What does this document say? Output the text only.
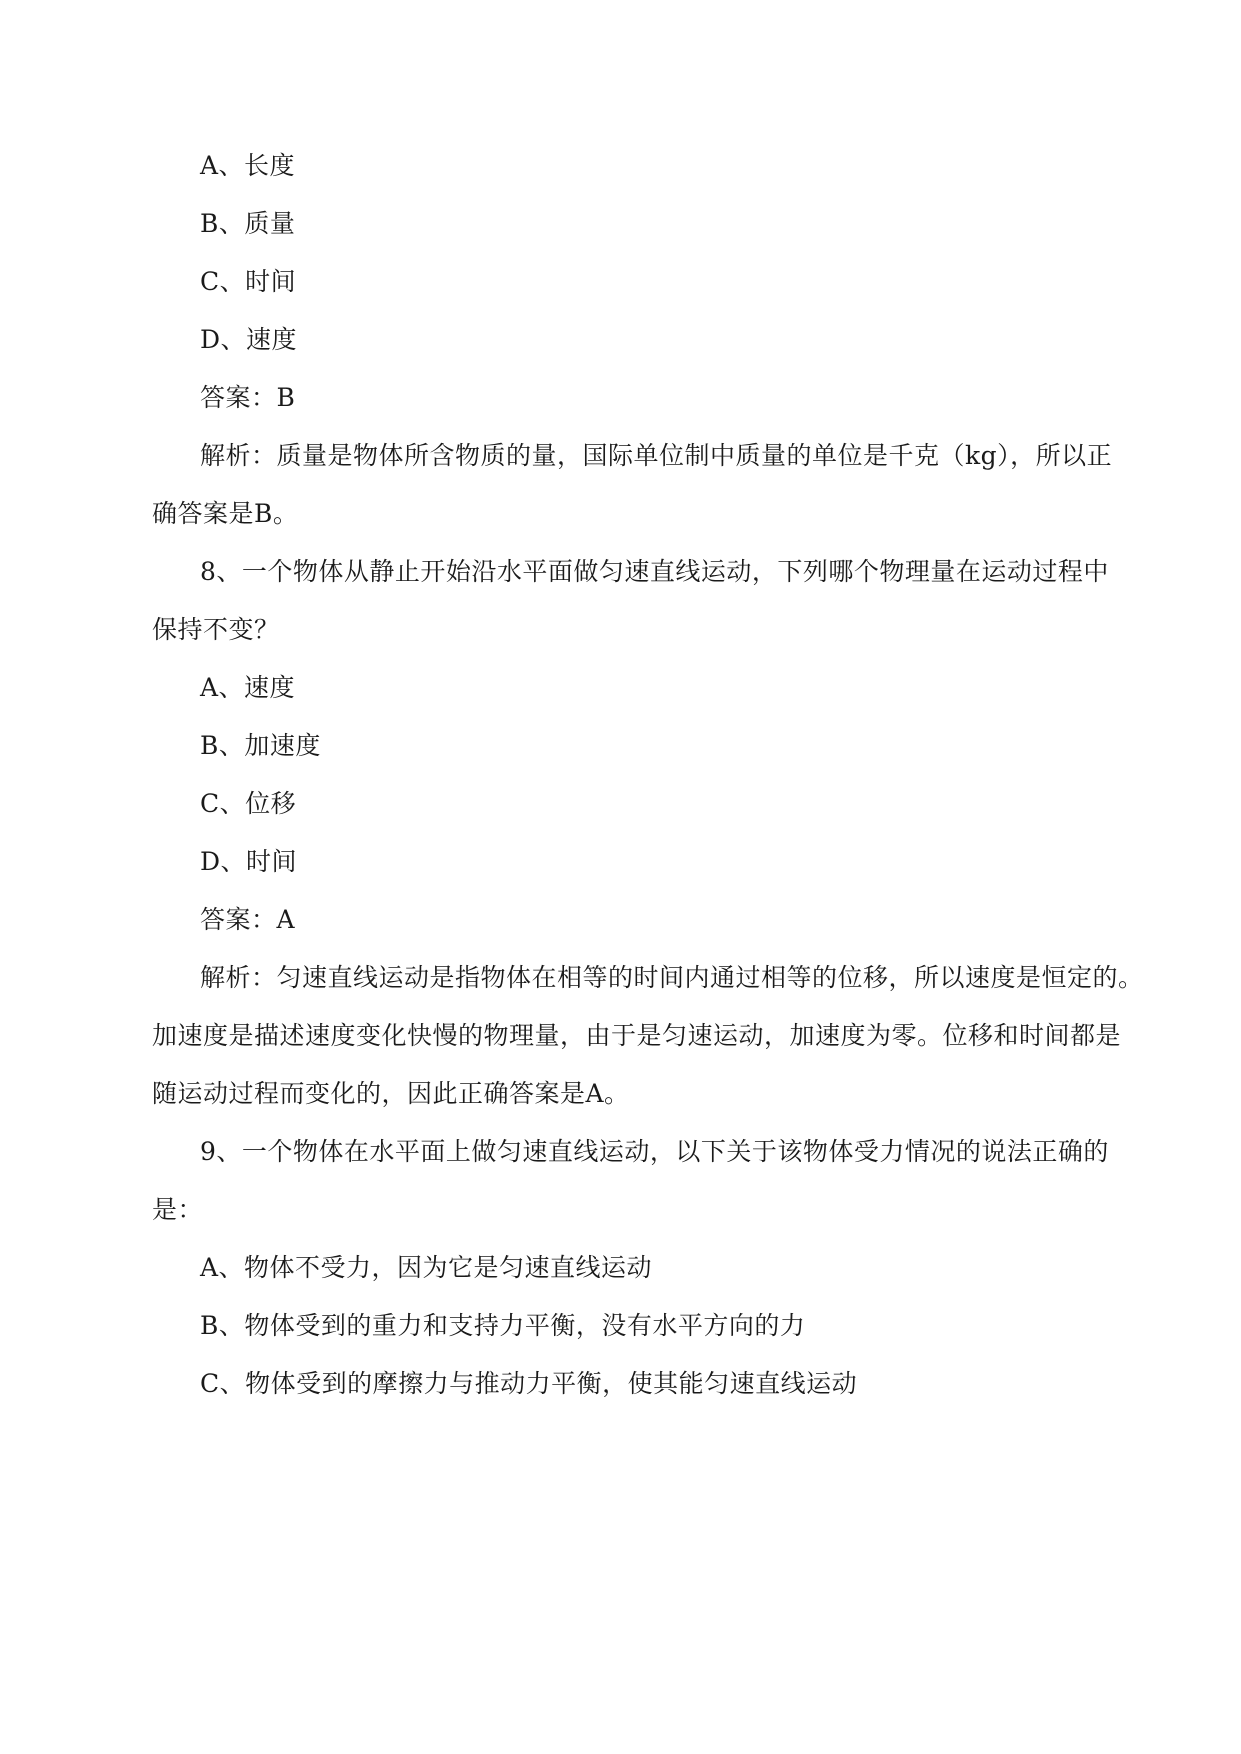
A、长度
B、质量
C、时间
D、速度
答案：B
解析：质量是物体所含物质的量，国际单位制中质量的单位是千克（kg），所以正
确答案是B。
8、一个物体从静止开始沿水平面做匀速直线运动，下列哪个物理量在运动过程中
保持不变？
A、速度
B、加速度
C、位移
D、时间
答案：A
解析：匀速直线运动是指物体在相等的时间内通过相等的位移，所以速度是恒定的。
加速度是描述速度变化快慢的物理量，由于是匀速运动，加速度为零。位移和时间都是
随运动过程而变化的，因此正确答案是A。
9、一个物体在水平面上做匀速直线运动，以下关于该物体受力情况的说法正确的
是：
A、物体不受力，因为它是匀速直线运动
B、物体受到的重力和支持力平衡，没有水平方向的力
C、物体受到的摩擦力与推动力平衡，使其能匀速直线运动
